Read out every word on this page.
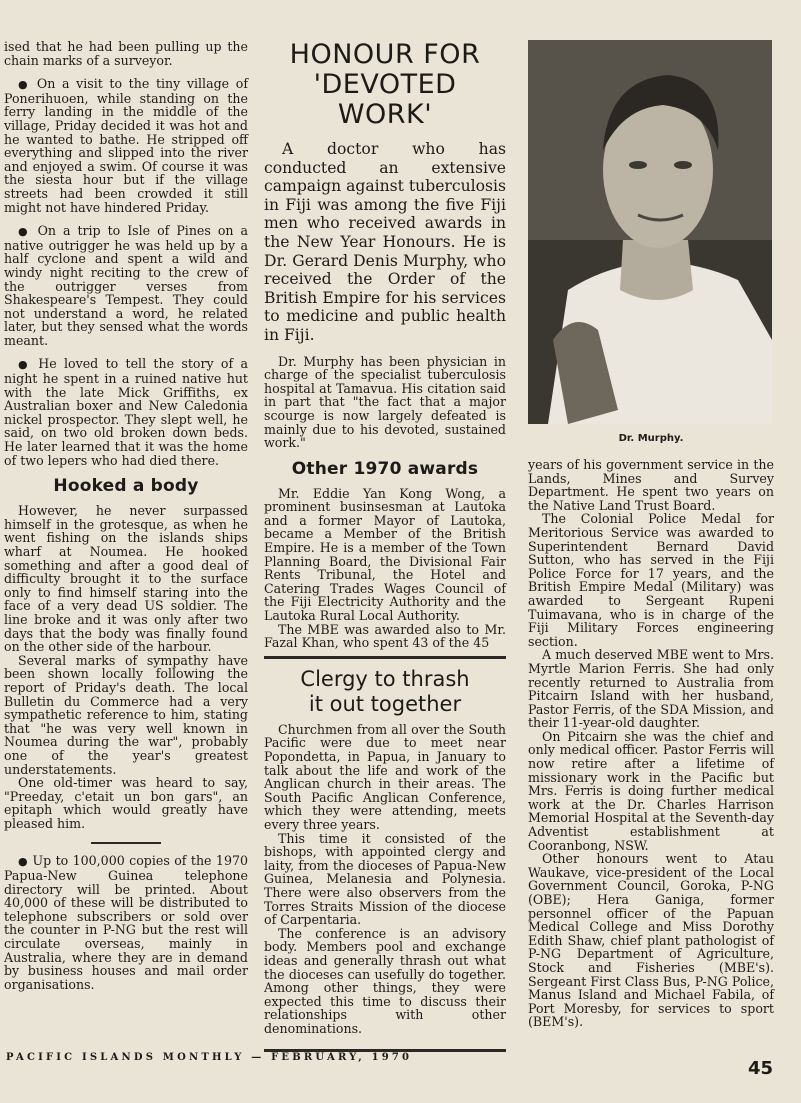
ised that he had been pulling up the chain marks of a surveyor.

● On a visit to the tiny village of Ponerihuoen, while standing on the ferry landing in the middle of the village, Priday decided it was hot and he wanted to bathe. He stripped off everything and slipped into the river and enjoyed a swim. Of course it was the siesta hour but if the village streets had been crowded it still might not have hindered Priday.

● On a trip to Isle of Pines on a native outrigger he was held up by a half cyclone and spent a wild and windy night reciting to the crew of the outrigger verses from Shakespeare's Tempest. They could not understand a word, he related later, but they sensed what the words meant.

● He loved to tell the story of a night he spent in a ruined native hut with the late Mick Griffiths, ex Australian boxer and New Caledonia nickel prospector. They slept well, he said, on two old broken down beds. He later learned that it was the home of two lepers who had died there.

Hooked a body

However, he never surpassed himself in the grotesque, as when he went fishing on the islands ships wharf at Noumea. He hooked something and after a good deal of difficulty brought it to the surface only to find himself staring into the face of a very dead US soldier. The line broke and it was only after two days that the body was finally found on the other side of the harbour.

Several marks of sympathy have been shown locally following the report of Priday's death. The local Bulletin du Commerce had a very sympathetic reference to him, stating that "he was very well known in Noumea during the war", probably one of the year's greatest understatements.

One old-timer was heard to say, "Preeday, c'etait un bon gars", an epitaph which would greatly have pleased him.

● Up to 100,000 copies of the 1970 Papua-New Guinea telephone directory will be printed. About 40,000 of these will be distributed to telephone subscribers or sold over the counter in P-NG but the rest will circulate overseas, mainly in Australia, where they are in demand by business houses and mail order organisations.

HONOUR FOR
'DEVOTED
WORK'

A doctor who has conducted an extensive campaign against tuberculosis in Fiji was among the five Fiji men who received awards in the New Year Honours. He is Dr. Gerard Denis Murphy, who received the Order of the British Empire for his services to medicine and public health in Fiji.

Dr. Murphy has been physician in charge of the specialist tuberculosis hospital at Tamavua. His citation said in part that "the fact that a major scourge is now largely defeated is mainly due to his devoted, sustained work."

Other 1970 awards

Mr. Eddie Yan Kong Wong, a prominent businsesman at Lautoka and a former Mayor of Lautoka, became a Member of the British Empire. He is a member of the Town Planning Board, the Divisional Fair Rents Tribunal, the Hotel and Catering Trades Wages Council of the Fiji Electricity Authority and the Lautoka Rural Local Authority.

The MBE was awarded also to Mr. Fazal Khan, who spent 43 of the 45

Clergy to thrash
it out together

Churchmen from all over the South Pacific were due to meet near Popondetta, in Papua, in January to talk about the life and work of the Anglican church in their areas. The South Pacific Anglican Conference, which they were attending, meets every three years.

This time it consisted of the bishops, with appointed clergy and laity, from the dioceses of Papua-New Guinea, Melanesia and Polynesia. There were also observers from the Torres Straits Mission of the diocese of Carpentaria.

The conference is an advisory body. Members pool and exchange ideas and generally thrash out what the dioceses can usefully do together. Among other things, they were expected this time to discuss their relationships with other denominations.

Dr. Murphy.

years of his government service in the Lands, Mines and Survey Department. He spent two years on the Native Land Trust Board.

The Colonial Police Medal for Meritorious Service was awarded to Superintendent Bernard David Sutton, who has served in the Fiji Police Force for 17 years, and the British Empire Medal (Military) was awarded to Sergeant Rupeni Tuimavana, who is in charge of the Fiji Military Forces engineering section.

A much deserved MBE went to Mrs. Myrtle Marion Ferris. She had only recently returned to Australia from Pitcairn Island with her husband, Pastor Ferris, of the SDA Mission, and their 11-year-old daughter.

On Pitcairn she was the chief and only medical officer. Pastor Ferris will now retire after a lifetime of missionary work in the Pacific but Mrs. Ferris is doing further medical work at the Dr. Charles Harrison Memorial Hospital at the Seventh-day Adventist establishment at Cooranbong, NSW.

Other honours went to Atau Waukave, vice-president of the Local Government Council, Goroka, P-NG (OBE); Hera Ganiga, former personnel officer of the Papuan Medical College and Miss Dorothy Edith Shaw, chief plant pathologist of P-NG Department of Agriculture, Stock and Fisheries (MBE's). Sergeant First Class Bus, P-NG Police, Manus Island and Michael Fabila, of Port Moresby, for services to sport (BEM's).

PACIFIC ISLANDS MONTHLY — FEBRUARY, 1970
45
